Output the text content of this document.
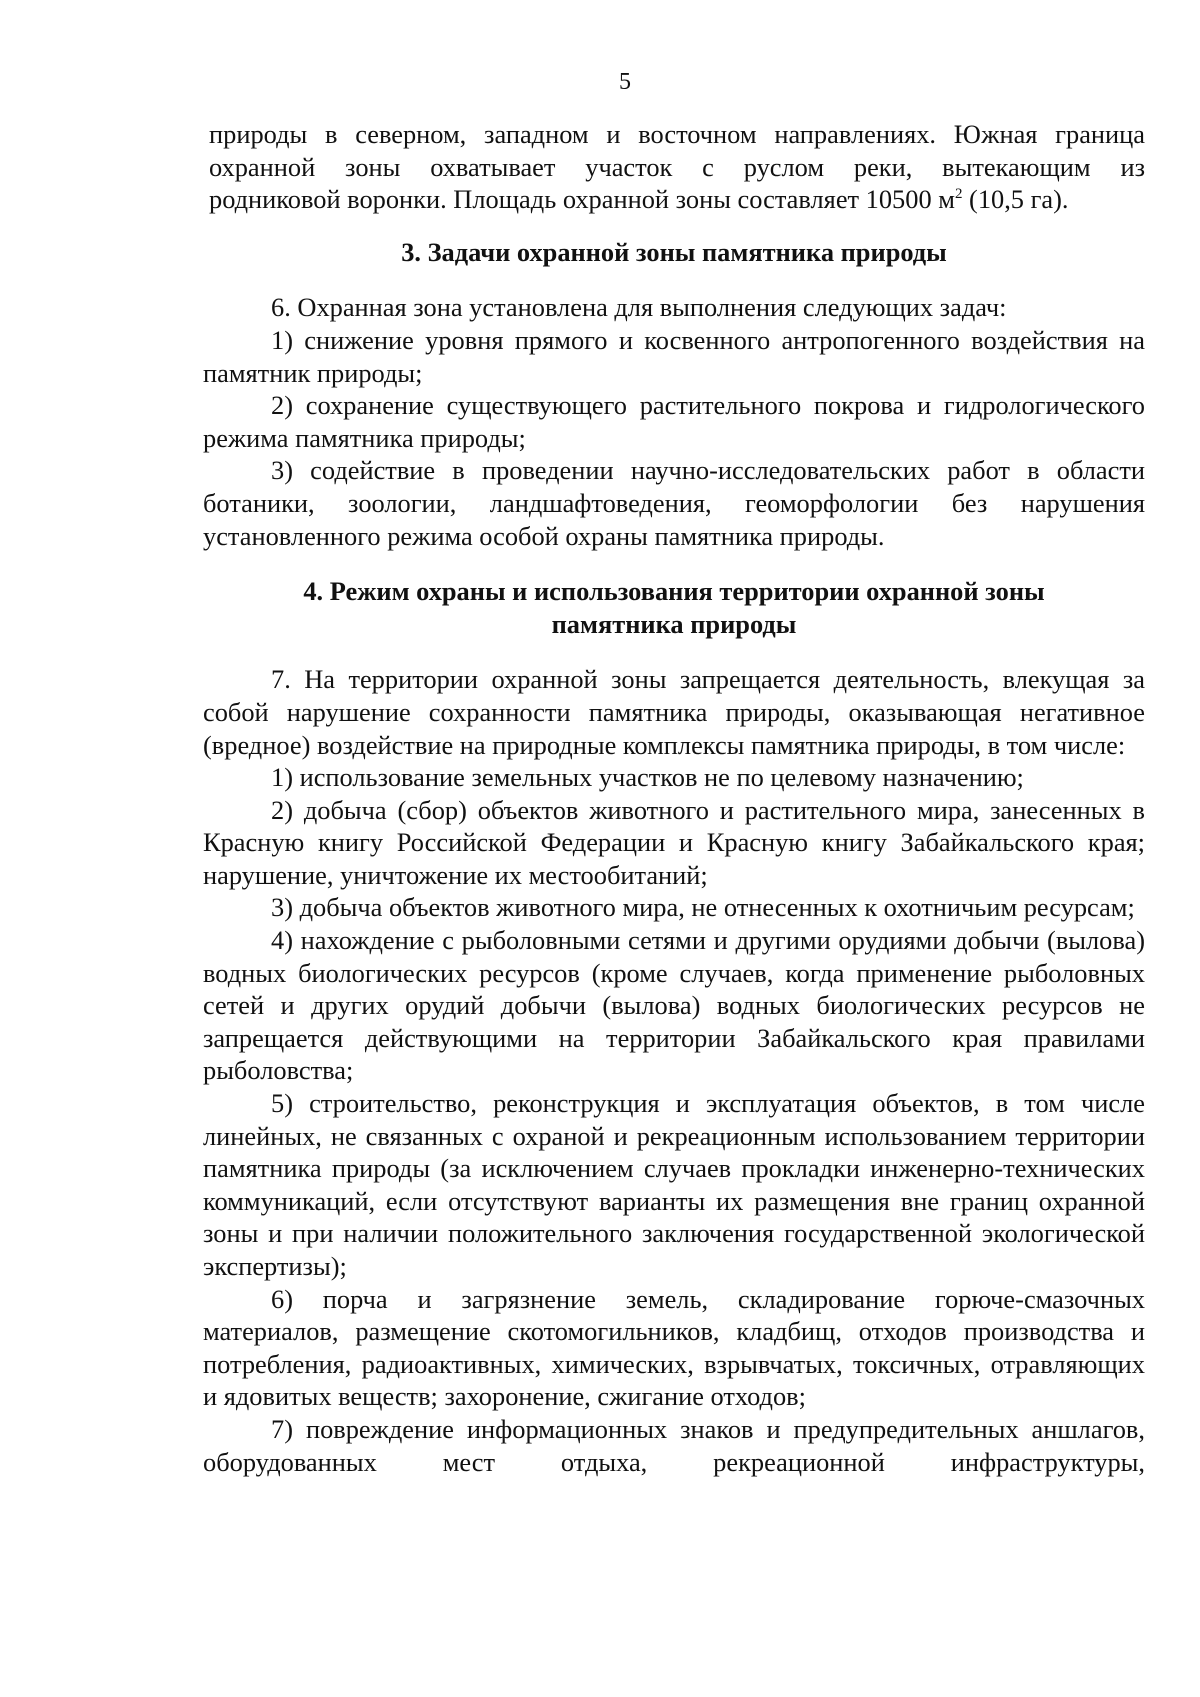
5

природы в северном, западном и восточном направлениях. Южная граница

охранной зоны охватывает участок с руслом реки, вытекающим из

родниковой воронки. Площадь охранной зоны составляет 10500 $м^2$ (10,5 га).

3. Задачи охранной зоны памятника природы

6. Охранная зона установлена для выполнения следующих задач:

1) снижение уровня прямого и косвенного антропогенного воздействия на памятник природы;

2) сохранение существующего растительного покрова и гидрологического режима памятника природы;

3) содействие в проведении научно-исследовательских работ в области ботаники, зоологии, ландшафтоведения, геоморфологии без нарушения установленного режима особой охраны памятника природы.

4. Режим охраны и использования территории охранной зоны
памятника природы

7. На территории охранной зоны запрещается деятельность, влекущая за собой нарушение сохранности памятника природы, оказывающая негативное (вредное) воздействие на природные комплексы памятника природы, в том числе:

1) использование земельных участков не по целевому назначению;

2) добыча (сбор) объектов животного и растительного мира, занесенных в Красную книгу Российской Федерации и Красную книгу Забайкальского края; нарушение, уничтожение их местообитаний;

3) добыча объектов животного мира, не отнесенных к охотничьим ресурсам;

4) нахождение с рыболовными сетями и другими орудиями добычи (вылова) водных биологических ресурсов (кроме случаев, когда применение рыболовных сетей и других орудий добычи (вылова) водных биологических ресурсов не запрещается действующими на территории Забайкальского края правилами рыболовства;

5) строительство, реконструкция и эксплуатация объектов, в том числе линейных, не связанных с охраной и рекреационным использованием территории памятника природы (за исключением случаев прокладки инженерно-технических коммуникаций, если отсутствуют варианты их размещения вне границ охранной зоны и при наличии положительного заключения государственной экологической экспертизы);

6) порча и загрязнение земель, складирование горюче-смазочных материалов, размещение скотомогильников, кладбищ, отходов производства и потребления, радиоактивных, химических, взрывчатых, токсичных, отравляющих и ядовитых веществ; захоронение, сжигание отходов;

7) повреждение информационных знаков и предупредительных аншлагов, оборудованных мест отдыха, рекреационной инфраструктуры,
